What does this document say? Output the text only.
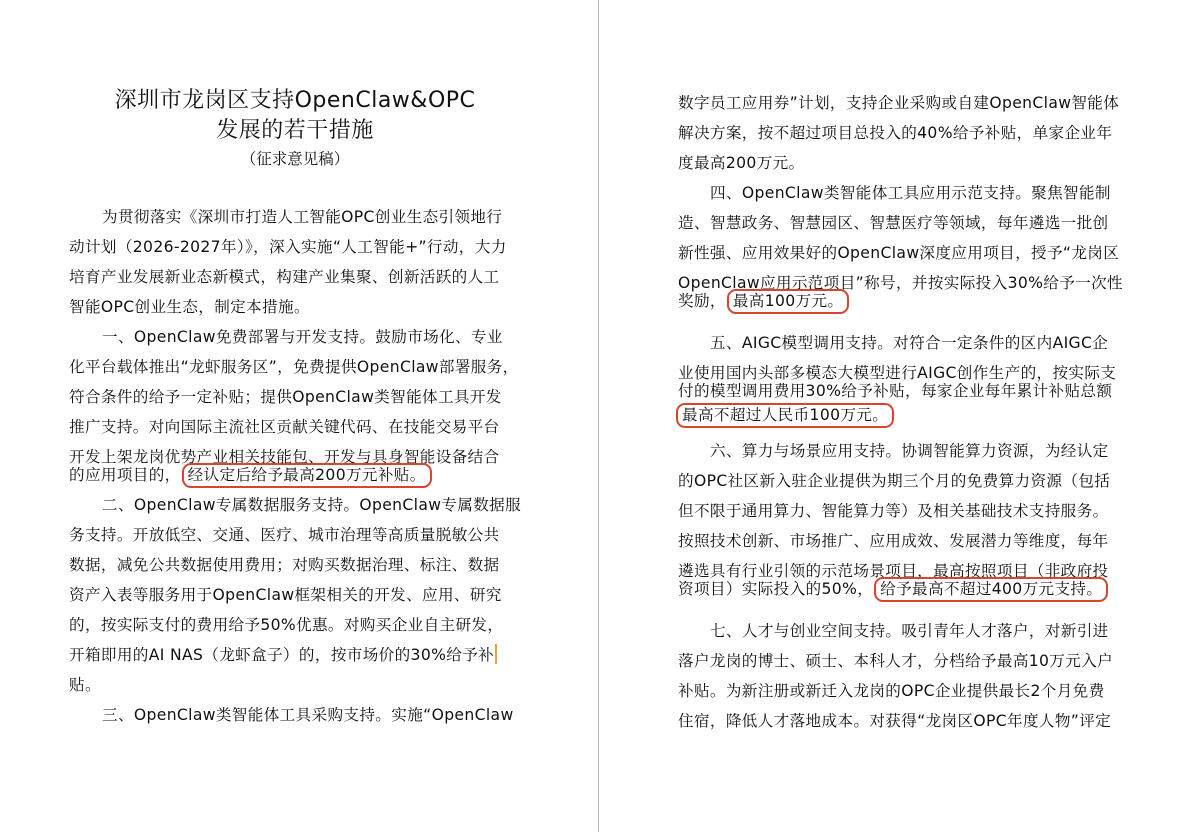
深圳市龙岗区支持OpenClaw&OPC
发展的若干措施
（征求意见稿）
为贯彻落实《深圳市打造人工智能OPC创业生态引领地行
动计划（2026-2027年）》，深入实施“人工智能+”行动，大力
培育产业发展新业态新模式，构建产业集聚、创新活跃的人工
智能OPC创业生态，制定本措施。
一、OpenClaw免费部署与开发支持。鼓励市场化、专业
化平台载体推出“龙虾服务区”，免费提供OpenClaw部署服务，
符合条件的给予一定补贴；提供OpenClaw类智能体工具开发
推广支持。对向国际主流社区贡献关键代码、在技能交易平台
开发上架龙岗优势产业相关技能包、开发与具身智能设备结合
的应用项目的， 经认定后给予最高200万元补贴。
二、OpenClaw专属数据服务支持。OpenClaw专属数据服
务支持。开放低空、交通、医疗、城市治理等高质量脱敏公共
数据，减免公共数据使用费用；对购买数据治理、标注、数据
资产入表等服务用于OpenClaw框架相关的开发、应用、研究
的，按实际支付的费用给予50%优惠。对购买企业自主研发，
开箱即用的AI NAS（龙虾盒子）的，按市场价的30%给予补
贴。
三、OpenClaw类智能体工具采购支持。实施“OpenClaw
数字员工应用券”计划，支持企业采购或自建OpenClaw智能体
解决方案，按不超过项目总投入的40%给予补贴，单家企业年
度最高200万元。
四、OpenClaw类智能体工具应用示范支持。聚焦智能制
造、智慧政务、智慧园区、智慧医疗等领域，每年遴选一批创
新性强、应用效果好的OpenClaw深度应用项目，授予“龙岗区
OpenClaw应用示范项目”称号，并按实际投入30%给予一次性
奖励， 最高100万元。
五、AIGC模型调用支持。对符合一定条件的区内AIGC企
业使用国内头部多模态大模型进行AIGC创作生产的，按实际支
付的模型调用费用30%给予补贴，每家企业每年累计补贴总额
最高不超过人民币100万元。
六、算力与场景应用支持。协调智能算力资源，为经认定
的OPC社区新入驻企业提供为期三个月的免费算力资源（包括
但不限于通用算力、智能算力等）及相关基础技术支持服务。
按照技术创新、市场推广、应用成效、发展潜力等维度，每年
遴选具有行业引领的示范场景项目，最高按照项目（非政府投
资项目）实际投入的50%， 给予最高不超过400万元支持。
七、人才与创业空间支持。吸引青年人才落户，对新引进
落户龙岗的博士、硕士、本科人才，分档给予最高10万元入户
补贴。为新注册或新迁入龙岗的OPC企业提供最长2个月免费
住宿，降低人才落地成本。对获得“龙岗区OPC年度人物”评定
